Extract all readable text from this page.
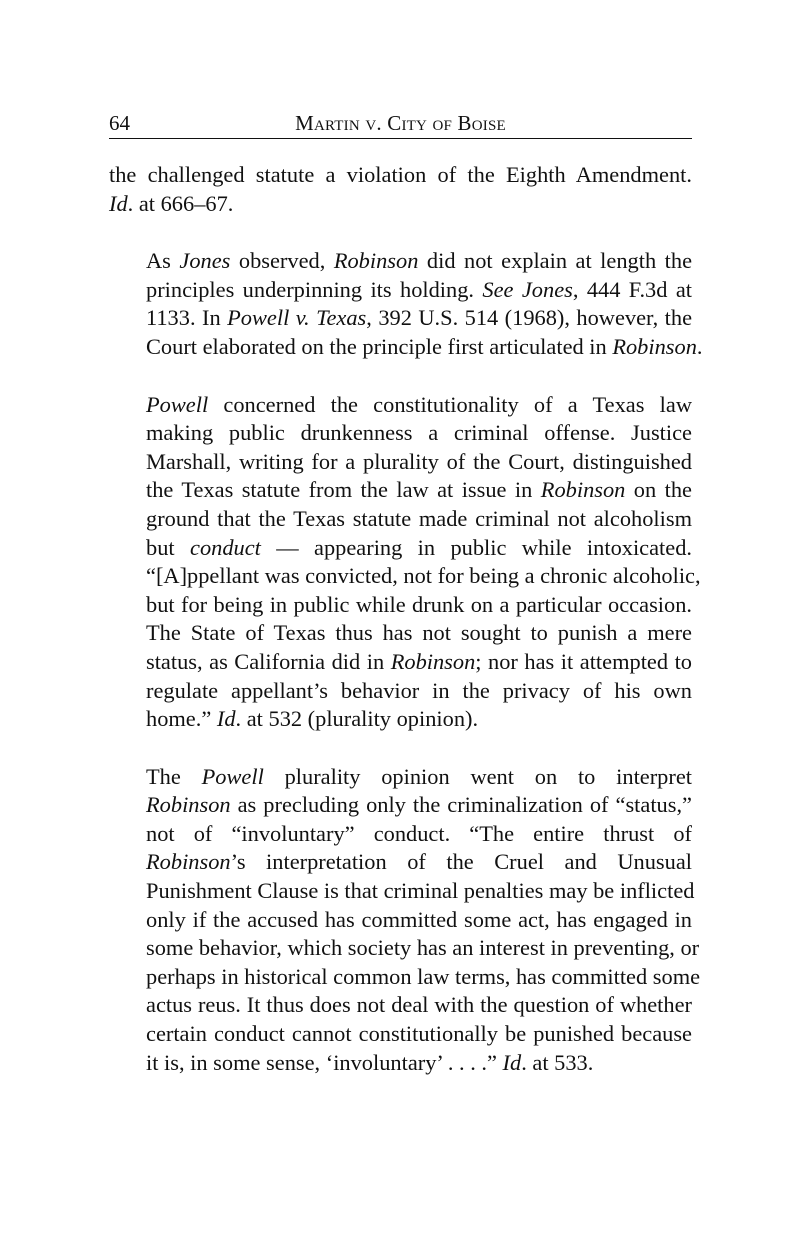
64	Martin v. City of Boise

the challenged statute a violation of the Eighth Amendment.
Id. at 666–67.

As Jones observed, Robinson did not explain at length the
principles underpinning its holding. See Jones, 444 F.3d at
1133. In Powell v. Texas, 392 U.S. 514 (1968), however, the
Court elaborated on the principle first articulated in Robinson.

Powell concerned the constitutionality of a Texas law
making public drunkenness a criminal offense. Justice
Marshall, writing for a plurality of the Court, distinguished
the Texas statute from the law at issue in Robinson on the
ground that the Texas statute made criminal not alcoholism
but conduct — appearing in public while intoxicated.
“[A]ppellant was convicted, not for being a chronic alcoholic,
but for being in public while drunk on a particular occasion.
The State of Texas thus has not sought to punish a mere
status, as California did in Robinson; nor has it attempted to
regulate appellant’s behavior in the privacy of his own
home.” Id. at 532 (plurality opinion).

The Powell plurality opinion went on to interpret
Robinson as precluding only the criminalization of “status,”
not of “involuntary” conduct. “The entire thrust of
Robinson’s interpretation of the Cruel and Unusual
Punishment Clause is that criminal penalties may be inflicted
only if the accused has committed some act, has engaged in
some behavior, which society has an interest in preventing, or
perhaps in historical common law terms, has committed some
actus reus. It thus does not deal with the question of whether
certain conduct cannot constitutionally be punished because
it is, in some sense, ‘involuntary’ . . . .” Id. at 533.
